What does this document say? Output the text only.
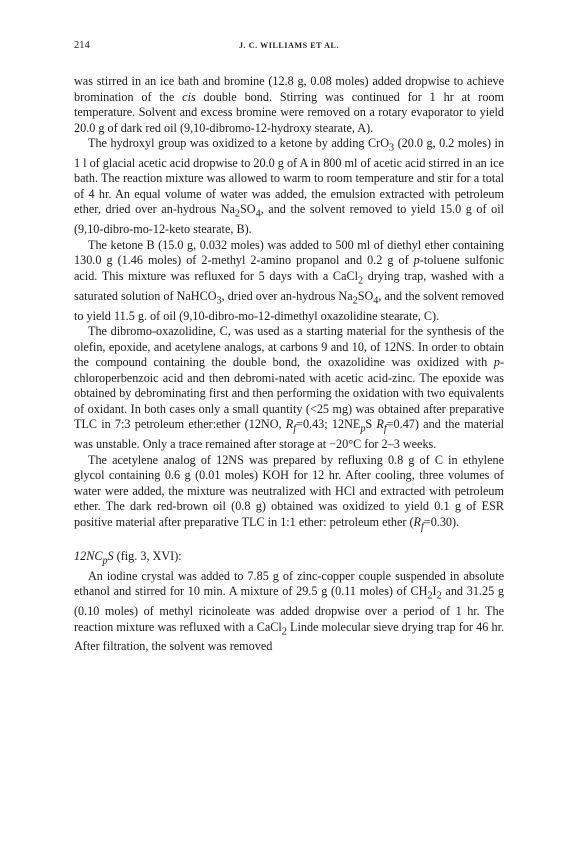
214	J. C. WILLIAMS ET AL.

was stirred in an ice bath and bromine (12.8 g, 0.08 moles) added dropwise to achieve bromination of the cis double bond. Stirring was continued for 1 hr at room temperature. Solvent and excess bromine were removed on a rotary evaporator to yield 20.0 g of dark red oil (9,10-dibromo-12-hydroxy stearate, A).

The hydroxyl group was oxidized to a ketone by adding CrO$_3$ (20.0 g, 0.2 moles) in 1 l of glacial acetic acid dropwise to 20.0 g of A in 800 ml of acetic acid stirred in an ice bath. The reaction mixture was allowed to warm to room temperature and stir for a total of 4 hr. An equal volume of water was added, the emulsion extracted with petroleum ether, dried over an-hydrous $Na_2SO_4$, and the solvent removed to yield 15.0 g of oil (9,10-dibro-mo-12-keto stearate, B).

The ketone B (15.0 g, 0.032 moles) was added to 500 ml of diethyl ether containing 130.0 g (1.46 moles) of 2-methyl 2-amino propanol and 0.2 g of p-toluene sulfonic acid. This mixture was refluxed for 5 days with a CaCl$_2$ drying trap, washed with a saturated solution of NaHCO$_3$, dried over an-hydrous $Na_2SO_4$, and the solvent removed to yield 11.5 g. of oil (9,10-dibro-mo-12-dimethyl oxazolidine stearate, C).

The dibromo-oxazolidine, C, was used as a starting material for the synthesis of the olefin, epoxide, and acetylene analogs, at carbons 9 and 10, of 12NS. In order to obtain the compound containing the double bond, the oxazolidine was oxidized with p-chloroperbenzoic acid and then debromi-nated with acetic acid-zinc. The epoxide was obtained by debrominating first and then performing the oxidation with two equivalents of oxidant. In both cases only a small quantity (<25 mg) was obtained after preparative TLC in 7:3 petroleum ether:ether (12NO, $R_f=0.43$; $12NE_pS$ $R_f=0.47$) and the material was unstable. Only a trace remained after storage at −20°C for 2–3 weeks.

The acetylene analog of 12NS was prepared by refluxing 0.8 g of C in ethylene glycol containing 0.6 g (0.01 moles) KOH for 12 hr. After cooling, three volumes of water were added, the mixture was neutralized with HCl and extracted with petroleum ether. The dark red-brown oil (0.8 g) obtained was oxidized to yield 0.1 g of ESR positive material after preparative TLC in 1:1 ether: petroleum ether $(R_f=0.30)$.

$12NC_pS$ (fig. 3, XVI):

An iodine crystal was added to 7.85 g of zinc-copper couple suspended in absolute ethanol and stirred for 10 min. A mixture of 29.5 g (0.11 moles) of $CH_2I_2$ and 31.25 g (0.10 moles) of methyl ricinoleate was added dropwise over a period of 1 hr. The reaction mixture was refluxed with a CaCl$_2$ Linde molecular sieve drying trap for 46 hr. After filtration, the solvent was removed
